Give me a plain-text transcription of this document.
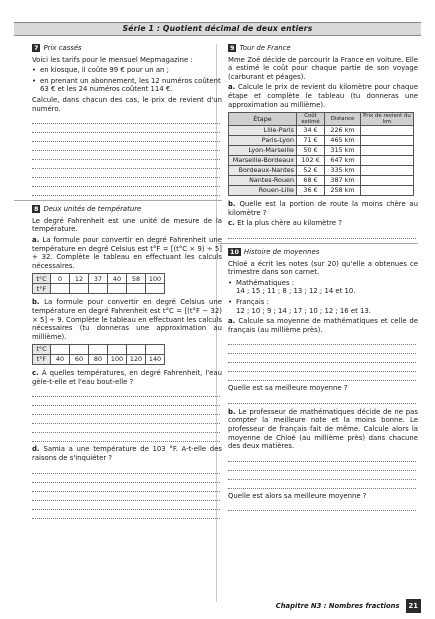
Série 1 : Quotient décimal de deux entiers
7 Prix cassés

Voici les tarifs pour le mensuel Mepmagazine :

• en kiosque, il coûte 99 € pour un an ;
• en prenant un abonnement, les 12 numéros coûtent 63 € et les 24 numéros coûtent 114 €.

Calcule, dans chacun des cas, le prix de revient d'un numéro.

8 Deux unités de température

Le degré Fahrenheit est une unité de mesure de la température.

a. La formule pour convertir en degré Fahrenheit une température en degré Celsius est t°F = [(t°C × 9) ÷ 5] + 32. Complète le tableau en effectuant les calculs nécessaires.

t°C	0	12	37	40	58	100
t°F						

b. La formule pour convertir en degré Celsius une température en degré Fahrenheit est t°C = [(t°F − 32) × 5] ÷ 9. Complète le tableau en effectuant les calculs nécessaires (tu donneras une approximation au millième).

t°C						
t°F	40	60	80	100	120	140

c. À quelles températures, en degré Fahrenheit, l'eau gèle-t-elle et l'eau bout-elle ?

d. Samia a une température de 103 °F. A-t-elle des raisons de s'inquiéter ?

9 Tour de France

Mme Zoé décide de parcourir la France en voiture. Elle a estimé le coût pour chaque partie de son voyage (carburant et péages).

a. Calcule le prix de revient du kilomètre pour chaque étape et complète le tableau (tu donneras une approximation au millième).

Étape	Coût estimé	Distance	Prix de revient du km
Lille-Paris	34 €	226 km	
Paris-Lyon	71 €	465 km	
Lyon-Marseille	50 €	315 km	
Marseille-Bordeaux	102 €	647 km	
Bordeaux-Nantes	52 €	335 km	
Nantes-Rouen	68 €	387 km	
Rouen-Lille	36 €	258 km	

b. Quelle est la portion de route la moins chère au kilomètre ?

c. Et la plus chère au kilomètre ?

10 Histoire de moyennes

Chloé a écrit les notes (sur 20) qu'elle a obtenues ce trimestre dans son carnet.

• Mathématiques :
14 ; 15 ; 11 ; 8 ; 13 ; 12 ; 14 et 10.
• Français :
12 ; 10 ; 9 ; 14 ; 17 ; 10 ; 12 ; 16 et 13.

a. Calcule sa moyenne de mathématiques et celle de français (au millième près).

Quelle est sa meilleure moyenne ?

b. Le professeur de mathématiques décide de ne pas compter la meilleure note et la moins bonne. Le professeur de français fait de même. Calcule alors la moyenne de Chloé (au millième près) dans chacune des deux matières.

Quelle est alors sa meilleure moyenne ?

Chapitre N3 : Nombres fractions	21
